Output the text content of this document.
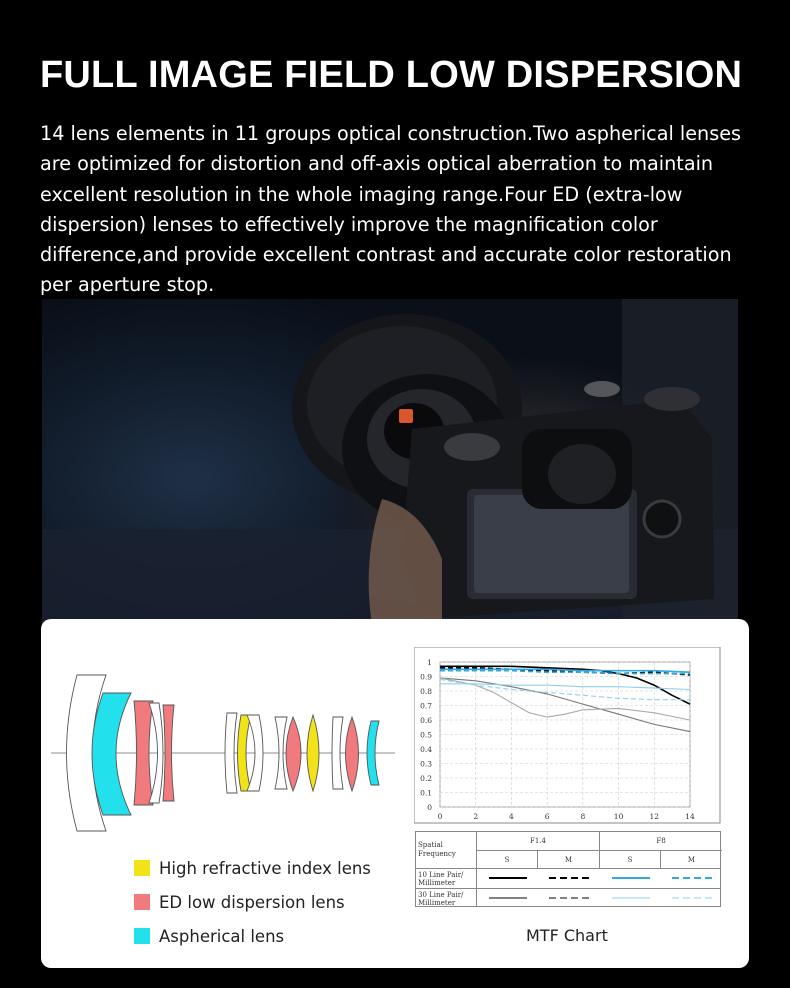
FULL IMAGE FIELD LOW DISPERSION

14 lens elements in 11 groups optical construction.Two aspherical lenses
are optimized for distortion and off-axis optical aberration to maintain
excellent resolution in the whole imaging range.Four ED (extra-low
dispersion) lenses to effectively improve the magnification color
difference,and provide excellent contrast and accurate color restoration
per aperture stop.

High refractive index lens
ED low dispersion lens
Aspherical lens
0
0.1
0.2
0.3
0.4
0.5
0.6
0.7
0.8
0.9
1
0	2	4	6	8	10	12	14
Spatial Frequency
F1.4	F8
S	M	S	M
10 Line Pair/ Millimeter
30 Line Pair/ Millimeter
MTF Chart
